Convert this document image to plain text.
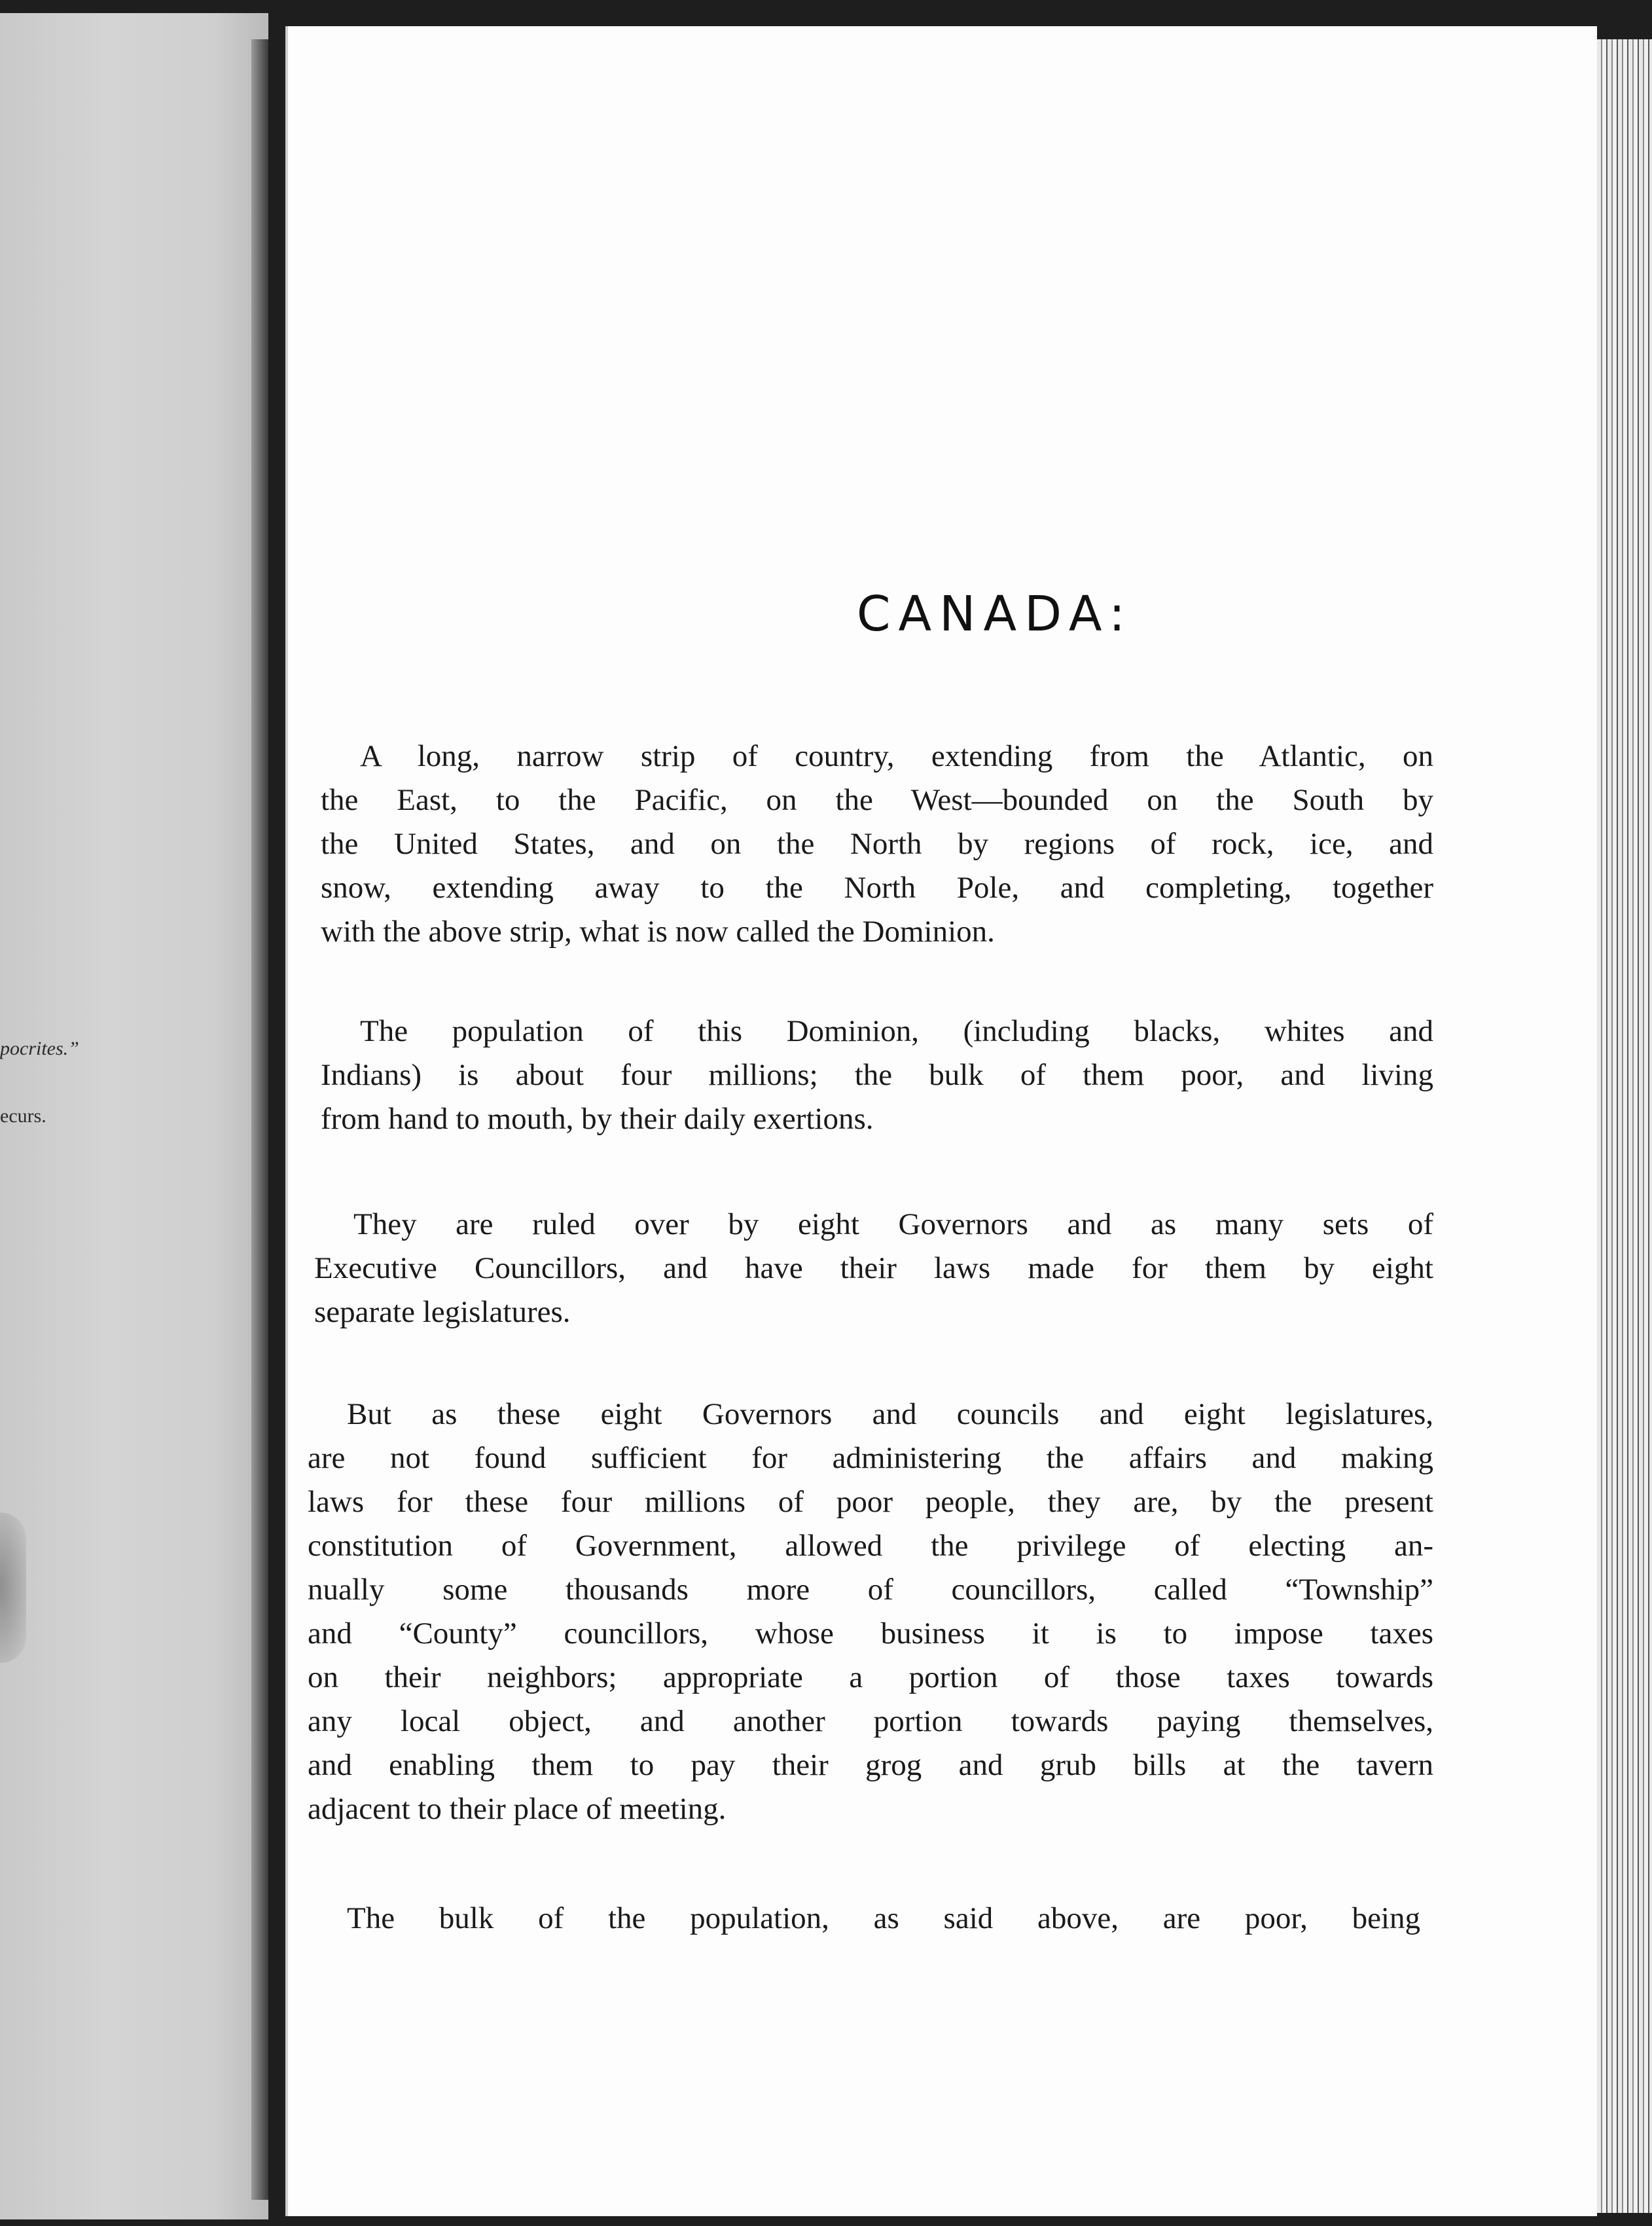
pocrites.”
ecurs.
CANADA:
A long, narrow strip of country, extending from the Atlantic, on
the East, to the Pacific, on the West—bounded on the South by
the United States, and on the North by regions of rock, ice, and
snow, extending away to the North Pole, and completing, together
with the above strip, what is now called the Dominion.
The population of this Dominion, (including blacks, whites and
Indians) is about four millions; the bulk of them poor, and living
from hand to mouth, by their daily exertions.
They are ruled over by eight Governors and as many sets of
Executive Councillors, and have their laws made for them by eight
separate legislatures.
But as these eight Governors and councils and eight legislatures,
are not found sufficient for administering the affairs and making
laws for these four millions of poor people, they are, by the present
constitution of Government, allowed the privilege of electing an-
nually some thousands more of councillors, called “Township”
and “County” councillors, whose business it is to impose taxes
on their neighbors; appropriate a portion of those taxes towards
any local object, and another portion towards paying themselves,
and enabling them to pay their grog and grub bills at the tavern
adjacent to their place of meeting.
The bulk of the population, as said above, are poor, being
